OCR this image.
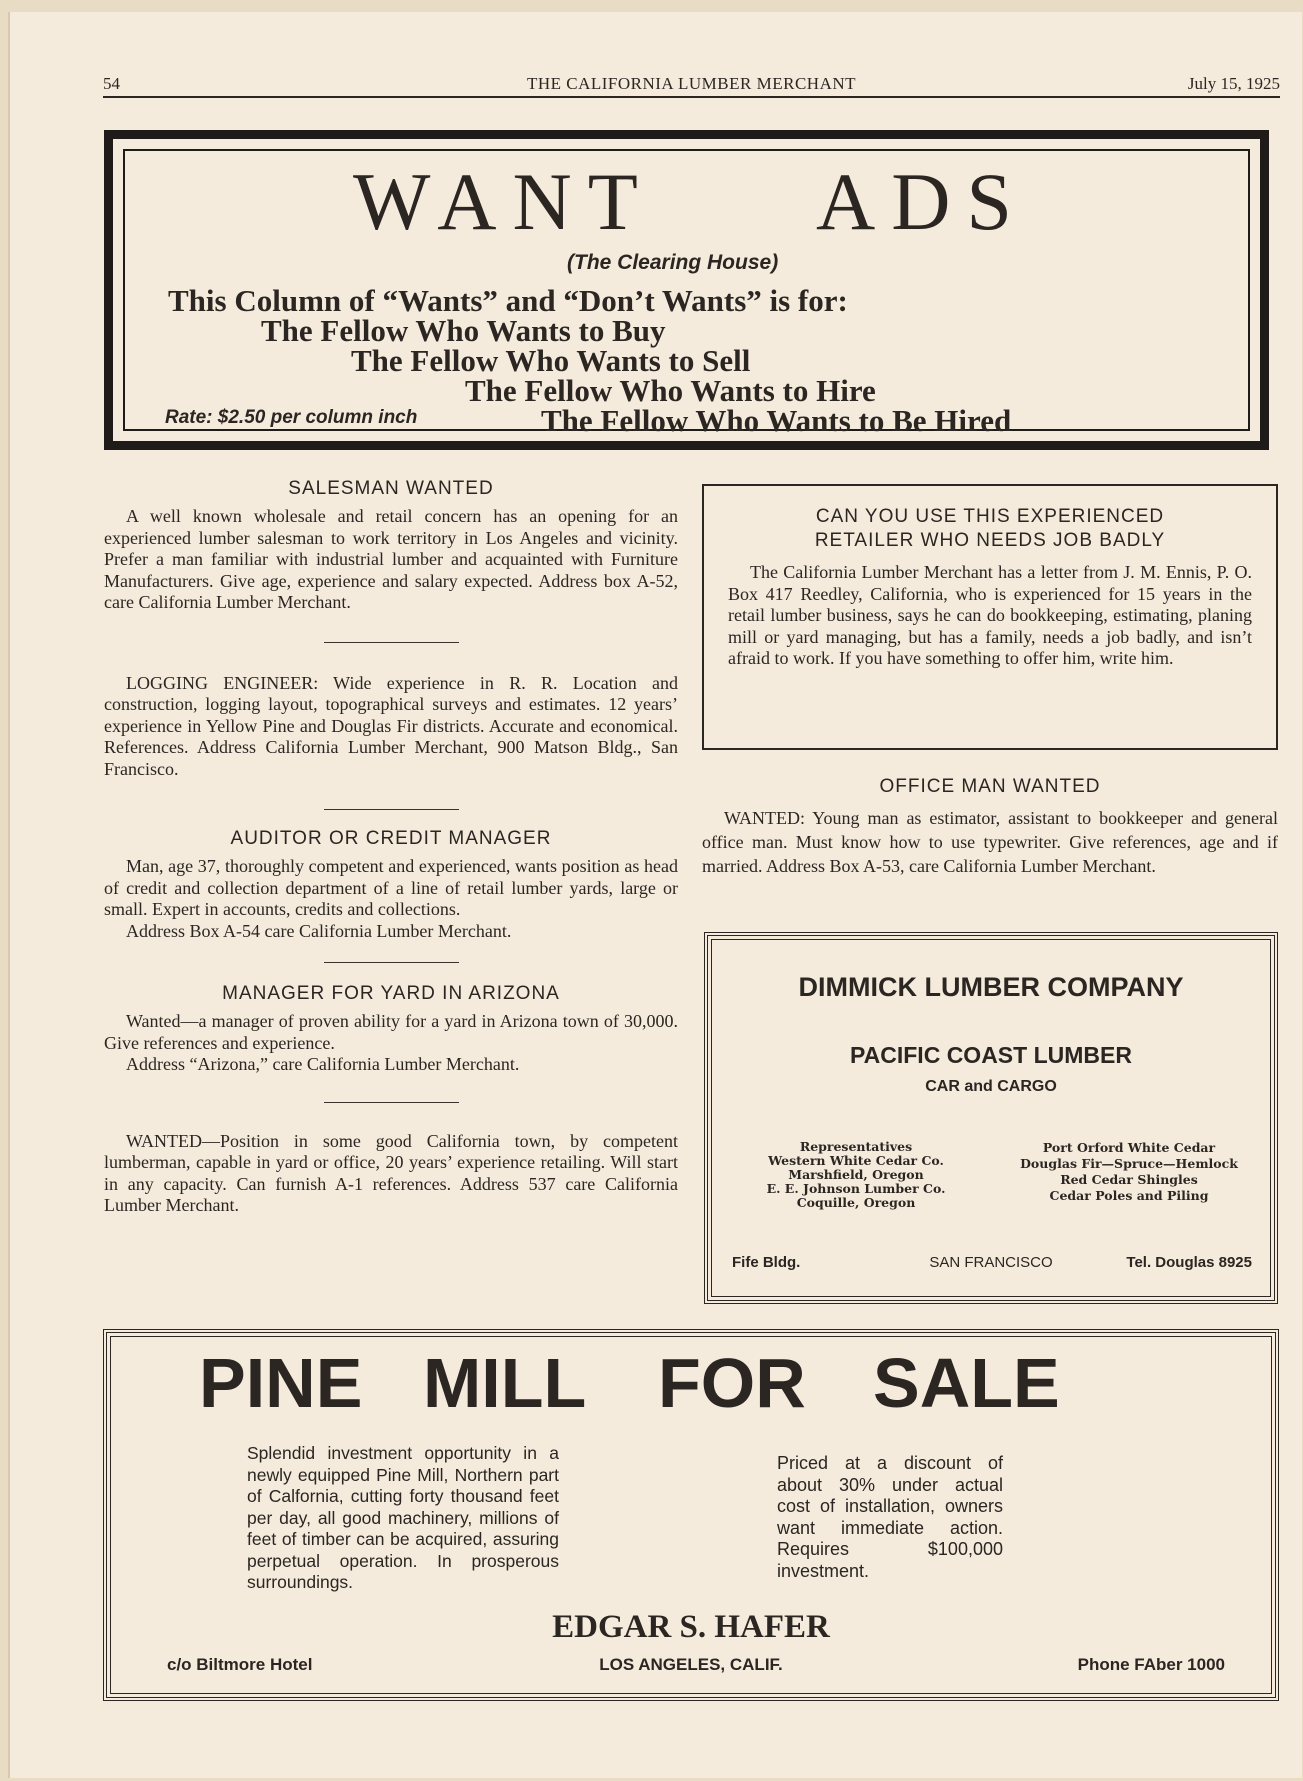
54	THE CALIFORNIA LUMBER MERCHANT	July 15, 1925
WANT ADS
(The Clearing House)
This Column of “Wants” and “Don’t Wants” is for:
The Fellow Who Wants to Buy
The Fellow Who Wants to Sell
The Fellow Who Wants to Hire
The Fellow Who Wants to Be Hired
Rate: $2.50 per column inch

SALESMAN WANTED

A well known wholesale and retail concern has an opening for an experienced lumber salesman to work territory in Los Angeles and vicinity. Prefer a man familiar with industrial lumber and acquainted with Furniture Manufacturers. Give age, experience and salary expected. Address box A-52, care California Lumber Merchant.

LOGGING ENGINEER: Wide experience in R. R. Location and construction, logging layout, topographical surveys and estimates. 12 years’ experience in Yellow Pine and Douglas Fir districts. Accurate and economical. References. Address California Lumber Merchant, 900 Matson Bldg., San Francisco.

AUDITOR OR CREDIT MANAGER

Man, age 37, thoroughly competent and experienced, wants position as head of credit and collection department of a line of retail lumber yards, large or small. Expert in accounts, credits and collections.

Address Box A-54 care California Lumber Merchant.

MANAGER FOR YARD IN ARIZONA

Wanted—a manager of proven ability for a yard in Arizona town of 30,000. Give references and experience.

Address “Arizona,” care California Lumber Merchant.

WANTED—Position in some good California town, by competent lumberman, capable in yard or office, 20 years’ experience retailing. Will start in any capacity. Can furnish A-1 references. Address 537 care California Lumber Merchant.

CAN YOU USE THIS EXPERIENCED

RETAILER WHO NEEDS JOB BADLY

The California Lumber Merchant has a letter from J. M. Ennis, P. O. Box 417 Reedley, California, who is experienced for 15 years in the retail lumber business, says he can do bookkeeping, estimating, planing mill or yard managing, but has a family, needs a job badly, and isn’t afraid to work. If you have something to offer him, write him.

OFFICE MAN WANTED

WANTED: Young man as estimator, assistant to bookkeeper and general office man. Must know how to use typewriter. Give references, age and if married. Address Box A-53, care California Lumber Merchant.

DIMMICK LUMBER COMPANY
PACIFIC COAST LUMBER
CAR and CARGO
Representatives
Western White Cedar Co.
Marshfield, Oregon
E. E. Johnson Lumber Co.
Coquille, Oregon
Port Orford White Cedar
Douglas Fir—Spruce—Hemlock
Red Cedar Shingles
Cedar Poles and Piling
Fife Bldg.	SAN FRANCISCO	Tel. Douglas 8925
PINE MILL FOR SALE
Splendid investment opportunity in a newly equipped Pine Mill, Northern part of Calfornia, cutting forty thousand feet per day, all good machinery, millions of feet of timber can be acquired, assuring perpetual operation. In prosperous surroundings.
Priced at a discount of about 30% under actual cost of installation, owners want immediate action. Requires $100,000 investment.
EDGAR S. HAFER
c/o Biltmore Hotel	LOS ANGELES, CALIF.	Phone FAber 1000
